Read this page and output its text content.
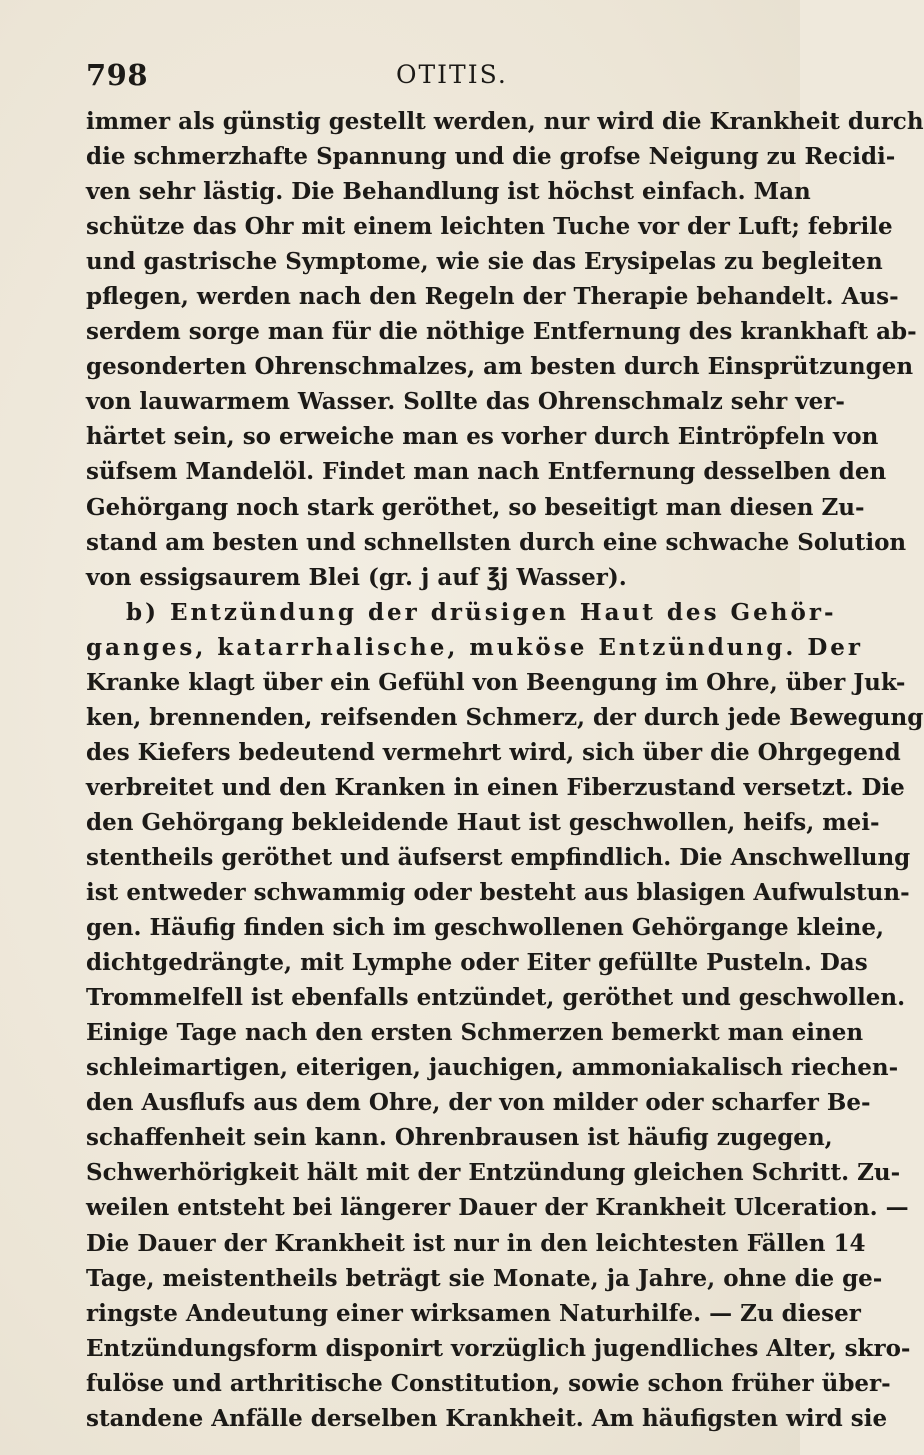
798	OTITIS.
immer als günstig gestellt werden, nur wird die Krankheit durch
die schmerzhafte Spannung und die grofse Neigung zu Recidi-
ven sehr lästig. Die Behandlung ist höchst einfach. Man
schütze das Ohr mit einem leichten Tuche vor der Luft; febrile
und gastrische Symptome, wie sie das Erysipelas zu begleiten
pflegen, werden nach den Regeln der Therapie behandelt. Aus-
serdem sorge man für die nöthige Entfernung des krankhaft ab-
gesonderten Ohrenschmalzes, am besten durch Einsprützungen
von lauwarmem Wasser. Sollte das Ohrenschmalz sehr ver-
härtet sein, so erweiche man es vorher durch Eintröpfeln von
süfsem Mandelöl. Findet man nach Entfernung desselben den
Gehörgang noch stark geröthet, so beseitigt man diesen Zu-
stand am besten und schnellsten durch eine schwache Solution
von essigsaurem Blei (gr. j auf ℥j Wasser).
b) Entzündung der drüsigen Haut des Gehör-
ganges, katarrhalische, muköse Entzündung. Der
Kranke klagt über ein Gefühl von Beengung im Ohre, über Juk-
ken, brennenden, reifsenden Schmerz, der durch jede Bewegung
des Kiefers bedeutend vermehrt wird, sich über die Ohrgegend
verbreitet und den Kranken in einen Fiberzustand versetzt. Die
den Gehörgang bekleidende Haut ist geschwollen, heifs, mei-
stentheils geröthet und äufserst empfindlich. Die Anschwellung
ist entweder schwammig oder besteht aus blasigen Aufwulstun-
gen. Häufig finden sich im geschwollenen Gehörgange kleine,
dichtgedrängte, mit Lymphe oder Eiter gefüllte Pusteln. Das
Trommelfell ist ebenfalls entzündet, geröthet und geschwollen.
Einige Tage nach den ersten Schmerzen bemerkt man einen
schleimartigen, eiterigen, jauchigen, ammoniakalisch riechen-
den Ausflufs aus dem Ohre, der von milder oder scharfer Be-
schaffenheit sein kann. Ohrenbrausen ist häufig zugegen,
Schwerhörigkeit hält mit der Entzündung gleichen Schritt. Zu-
weilen entsteht bei längerer Dauer der Krankheit Ulceration. —
Die Dauer der Krankheit ist nur in den leichtesten Fällen 14
Tage, meistentheils beträgt sie Monate, ja Jahre, ohne die ge-
ringste Andeutung einer wirksamen Naturhilfe. — Zu dieser
Entzündungsform disponirt vorzüglich jugendliches Alter, skro-
fulöse und arthritische Constitution, sowie schon früher über-
standene Anfälle derselben Krankheit. Am häufigsten wird sie
